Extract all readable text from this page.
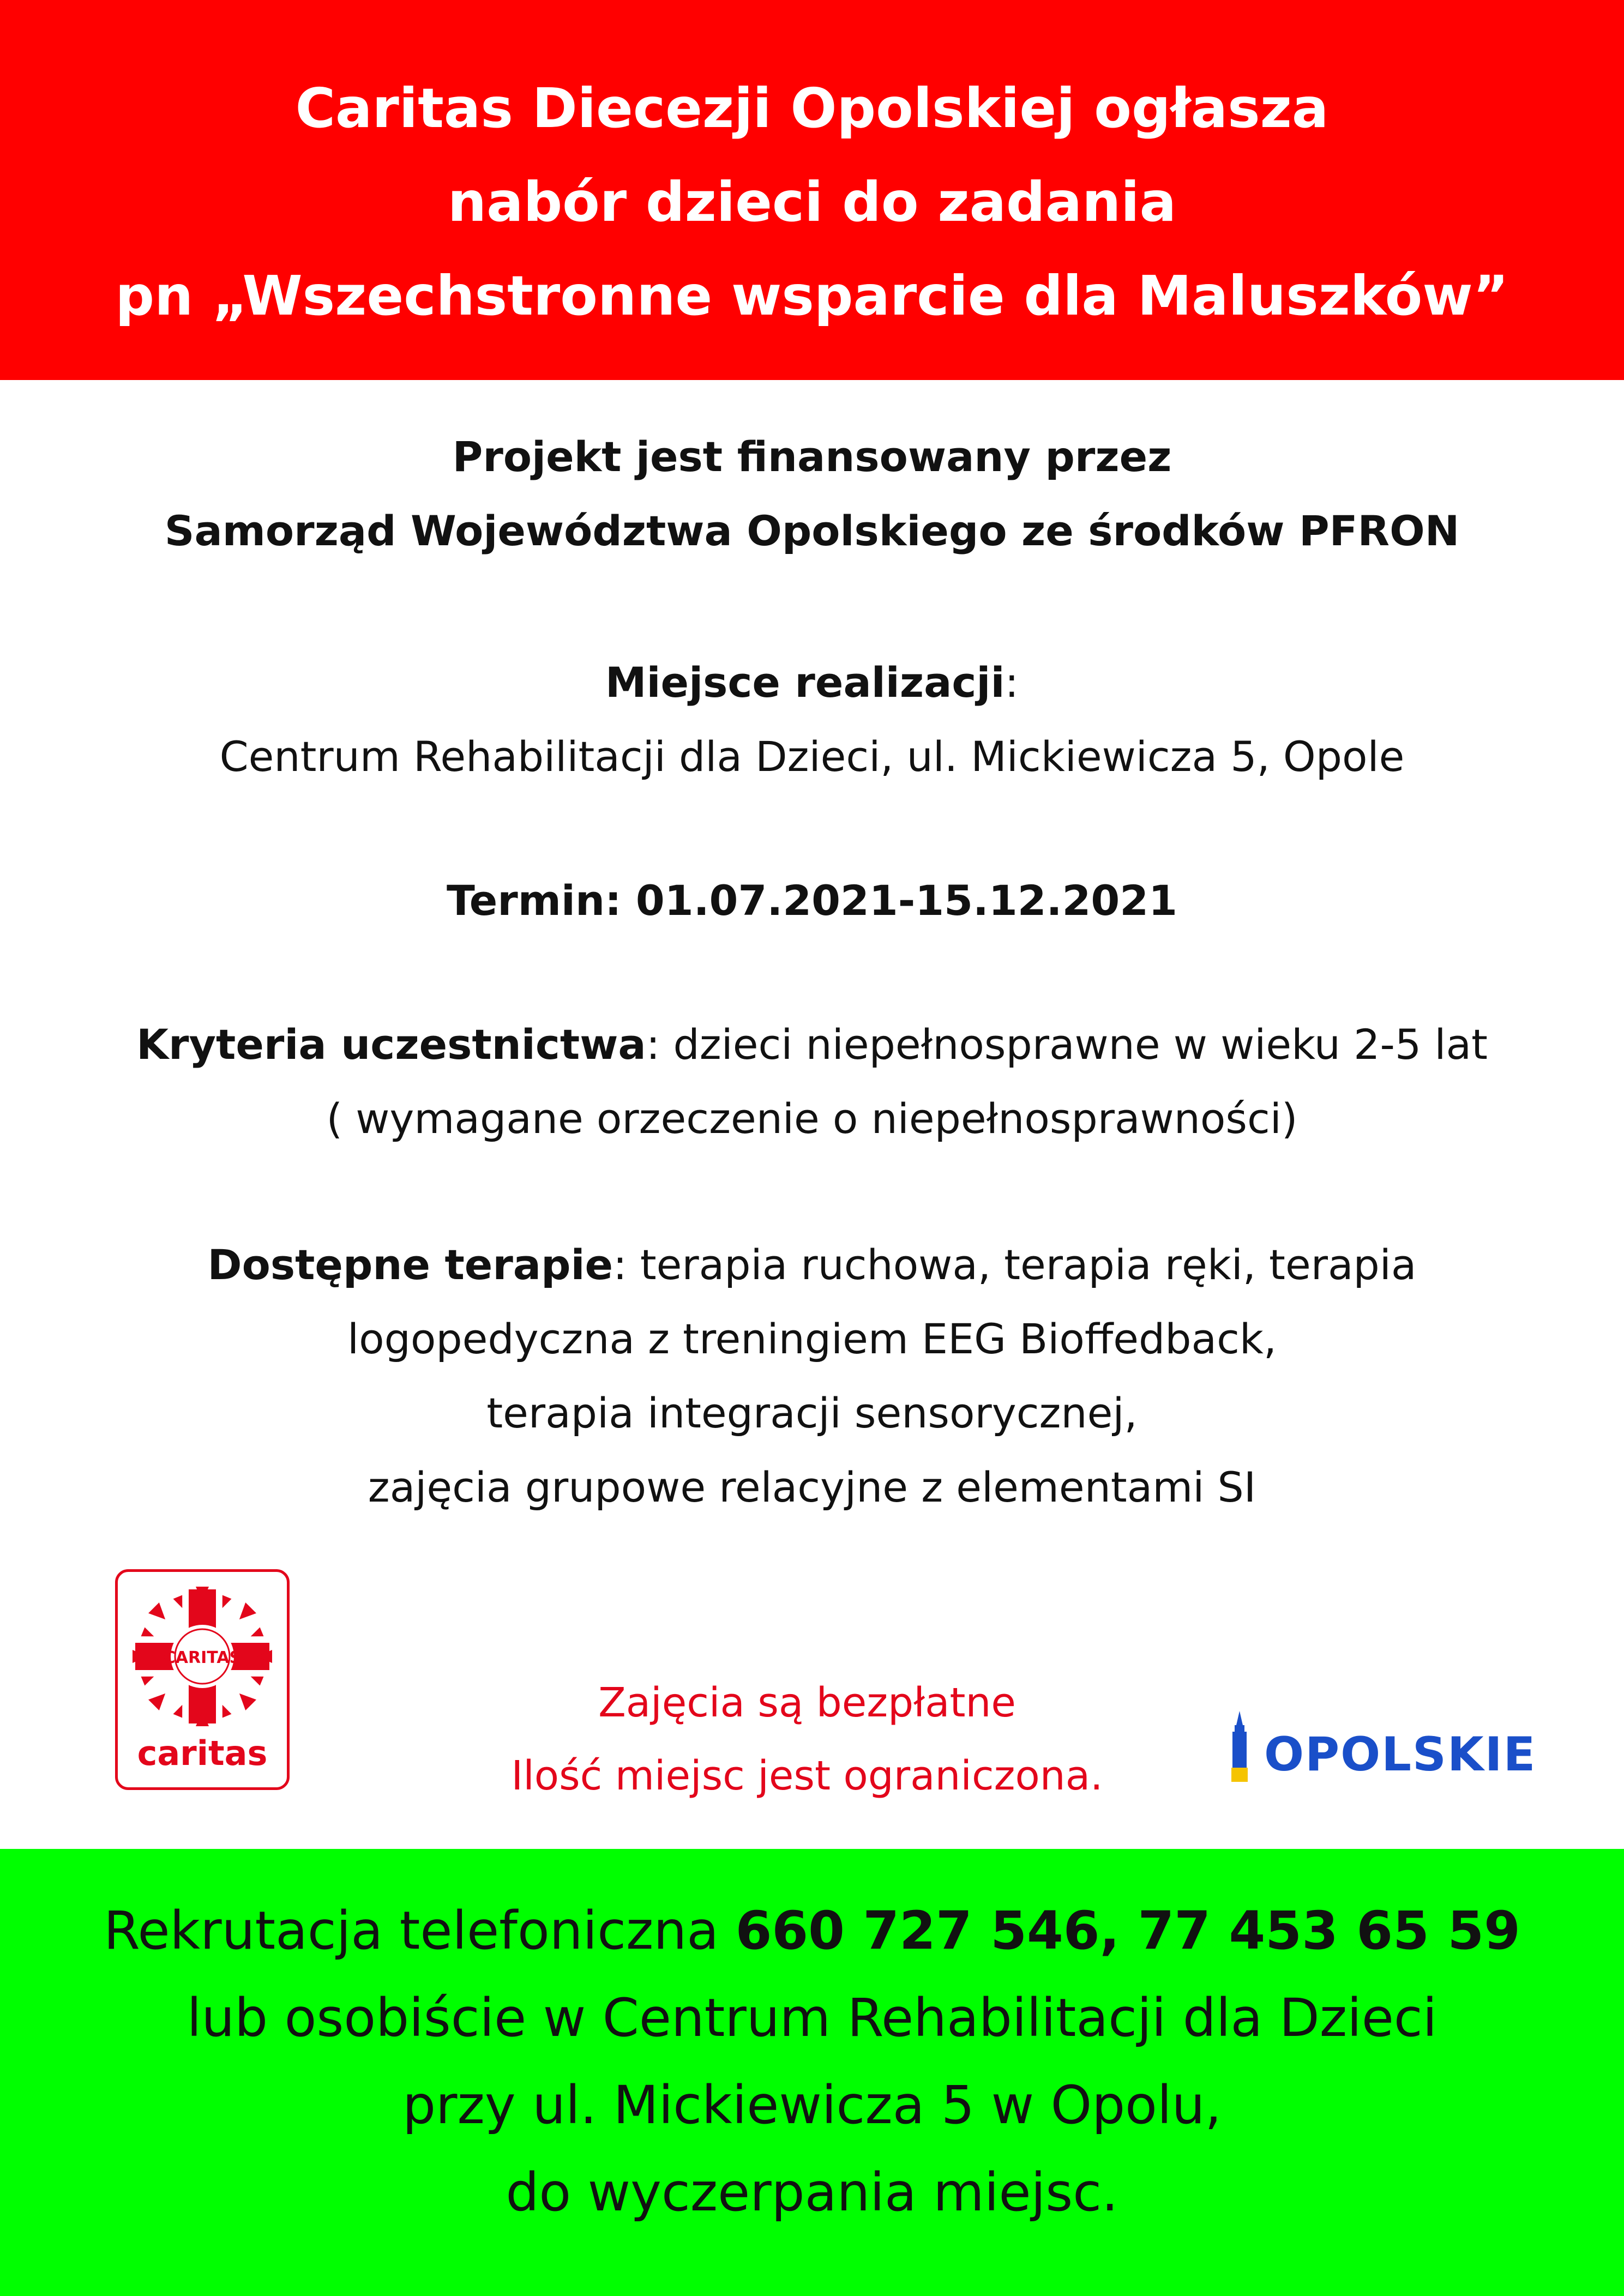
Caritas Diecezji Opolskiej ogłasza
nabór dzieci do zadania
pn „Wszechstronne wsparcie dla Maluszków”
Projekt jest finansowany przez
Samorząd Województwa Opolskiego ze środków PFRON
Miejsce realizacji:
Centrum Rehabilitacji dla Dzieci, ul. Mickiewicza 5, Opole
Termin: 01.07.2021-15.12.2021
Kryteria uczestnictwa: dzieci niepełnosprawne w wieku 2-5 lat
( wymagane orzeczenie o niepełnosprawności)
Dostępne terapie: terapia ruchowa, terapia ręki, terapia
logopedyczna z treningiem EEG Bioffedback,
terapia integracji sensorycznej,
zajęcia grupowe relacyjne z elementami SI
CARITAS
caritas
Zajęcia są bezpłatne
Ilość miejsc jest ograniczona.	OPOLSKIE
Rekrutacja telefoniczna 660 727 546, 77 453 65 59
lub osobiście w Centrum Rehabilitacji dla Dzieci
przy ul. Mickiewicza 5 w Opolu,
do wyczerpania miejsc.
